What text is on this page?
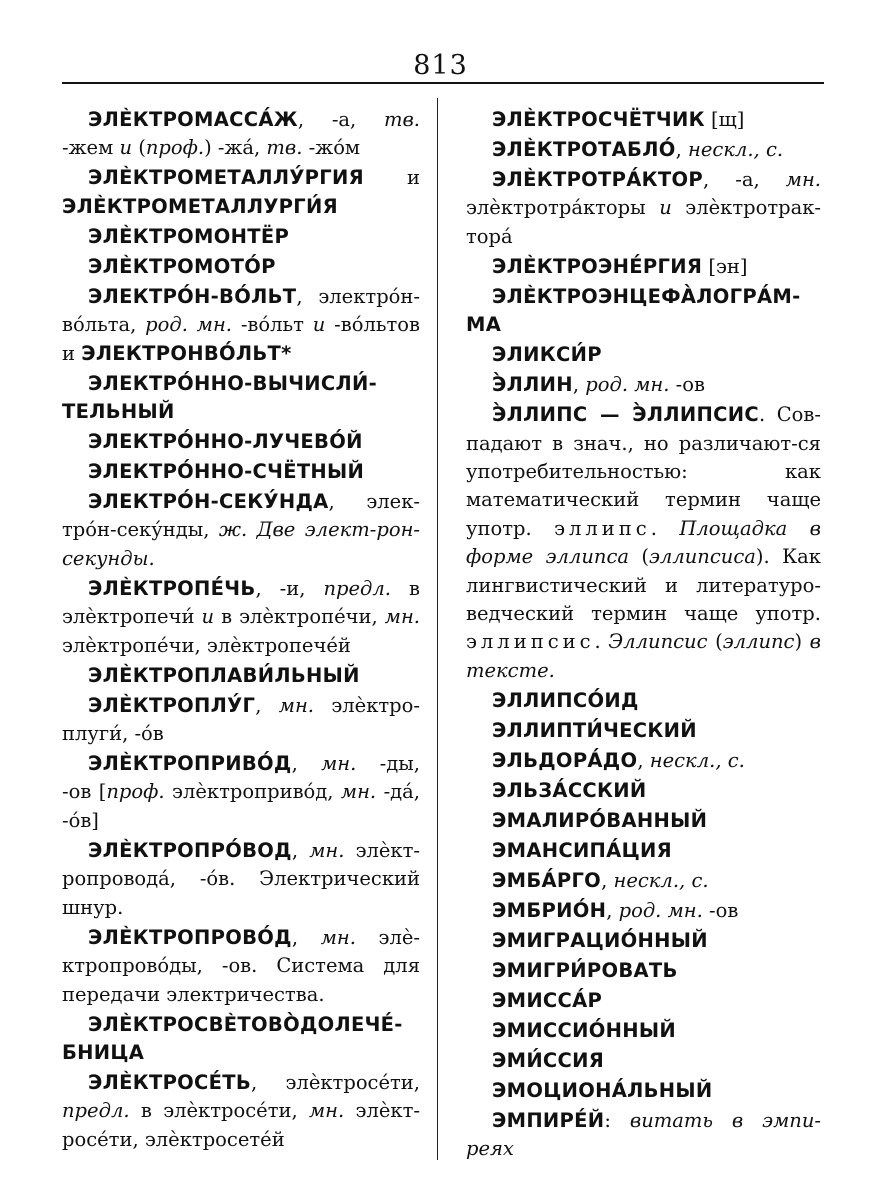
813

ЭЛЀКТРОМАССА́Ж, -а, тв. -жем и (проф.) -жа́, тв. -жо́м

ЭЛЀКТРОМЕТАЛЛУ́РГИЯ и ЭЛЀКТРОМЕТАЛЛУРГИ́Я

ЭЛЀКТРОМОНТЁР

ЭЛЀКТРОМОТО́Р

ЭЛЕКТРО́Н-ВО́ЛЬТ, электро́н-во́льта, род. мн. -во́льт и -во́льтов и ЭЛЕКТРОНВО́ЛЬТ*

ЭЛЕКТРО́ННО-ВЫЧИСЛИ́-ТЕЛЬНЫЙ

ЭЛЕКТРО́ННО-ЛУЧЕВО́Й

ЭЛЕКТРО́ННО-СЧЁТНЫЙ

ЭЛЕКТРО́Н-СЕКУ́НДА, элек-тро́н-секу́нды, ж. Две элект-рон-секунды.

ЭЛЀКТРОПЕ́ЧЬ, -и, предл. в элѐктропечи́ и в элѐктропе́чи, мн. элѐктропе́чи, элѐктропече́й

ЭЛЀКТРОПЛАВИ́ЛЬНЫЙ

ЭЛЀКТРОПЛУ́Г, мн. элѐктро-плуги́, -о́в

ЭЛЀКТРОПРИВО́Д, мн. -ды, -ов [проф. элѐктроприво́д, мн. -да́, -о́в]

ЭЛЀКТРОПРО́ВОД, мн. элѐкт-ропровода́, -о́в. Электрический шнур.

ЭЛЀКТРОПРОВО́Д, мн. элѐ-ктропрово́ды, -ов. Система для передачи электричества.

ЭЛЀКТРОСВЀТОВО̀ДОЛЕЧЕ́-БНИЦА

ЭЛЀКТРОСЕ́ТЬ, элѐктросе́ти, предл. в элѐктросе́ти, мн. элѐкт-росе́ти, элѐктросете́й

ЭЛЀКТРОСЧЁТЧИК [щ]

ЭЛЀКТРОТАБЛО́, нескл., с.

ЭЛЀКТРОТРА́КТОР, -а, мн. элѐктротра́кторы и элѐктротрак-тора́

ЭЛЀКТРОЭНЕ́РГИЯ [эн]

ЭЛЀКТРОЭНЦЕФА̀ЛОГРА́М-МА

ЭЛИКСИ́Р

Э̀ЛЛИН, род. мн. -ов

Э̀ЛЛИПС — Э̀ЛЛИПСИС. Сов-падают в знач., но различают-ся употребительностью: как математический термин чаще употр. эллипс. Площадка в форме эллипса (эллипсиса). Как лингвистический и литературо-ведческий термин чаще употр. эллипсис. Эллипсис (эллипс) в тексте.

ЭЛЛИПСО́ИД

ЭЛЛИПТИ́ЧЕСКИЙ

ЭЛЬДОРА́ДО, нескл., с.

ЭЛЬЗА́ССКИЙ

ЭМАЛИРО́ВАННЫЙ

ЭМАНСИПА́ЦИЯ

ЭМБА́РГО, нескл., с.

ЭМБРИО́Н, род. мн. -ов

ЭМИГРАЦИО́ННЫЙ

ЭМИГРИ́РОВАТЬ

ЭМИССА́Р

ЭМИССИО́ННЫЙ

ЭМИ́ССИЯ

ЭМОЦИОНА́ЛЬНЫЙ

ЭМПИРЕ́Й: витать в эмпи-реях
